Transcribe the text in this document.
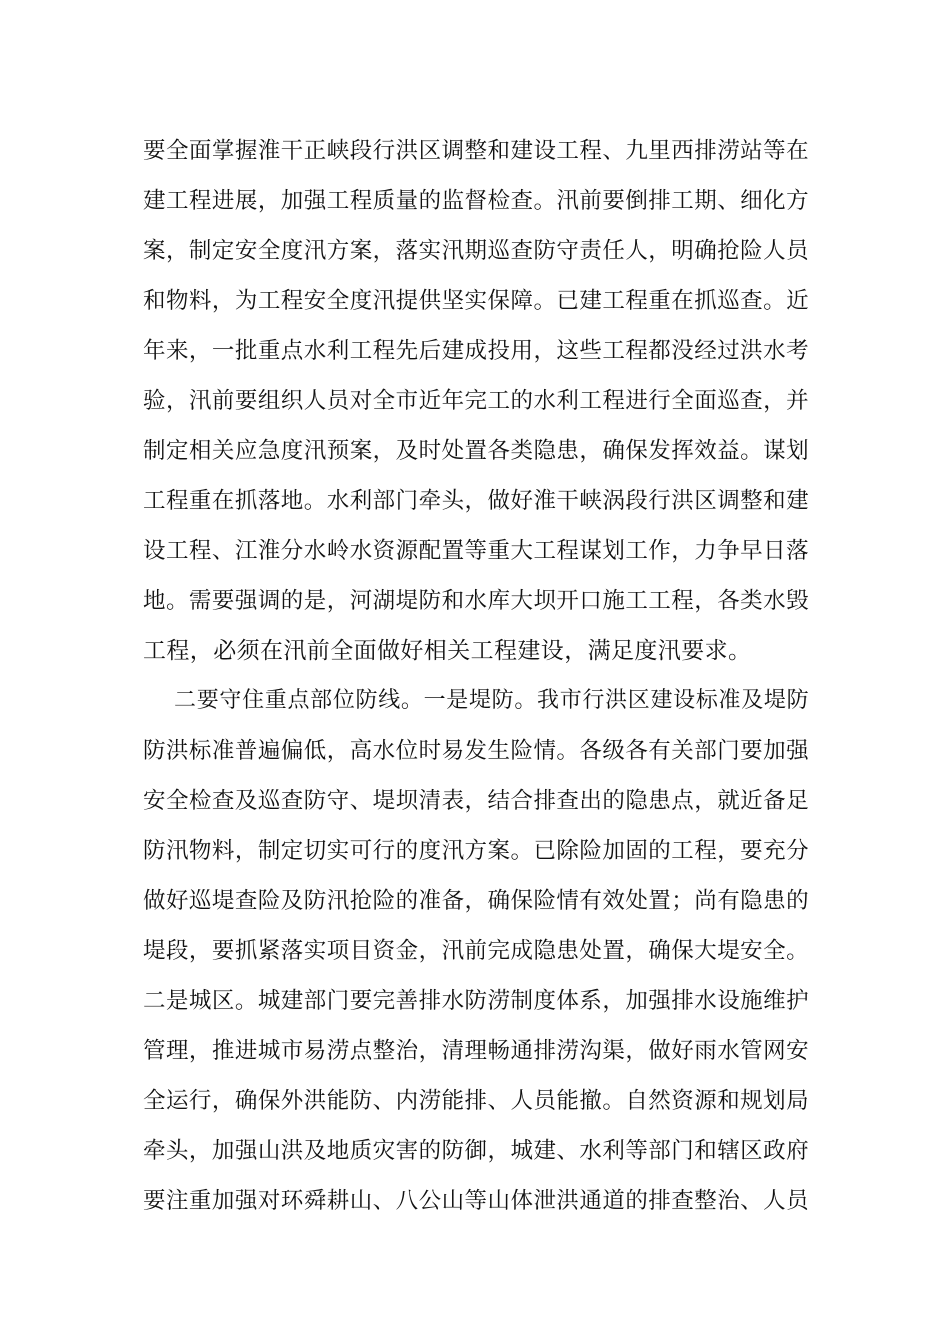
要全面掌握淮干正峡段行洪区调整和建设工程、九里西排涝站等在
建工程进展，加强工程质量的监督检查。汛前要倒排工期、细化方
案，制定安全度汛方案，落实汛期巡查防守责任人，明确抢险人员
和物料，为工程安全度汛提供坚实保障。已建工程重在抓巡查。近
年来，一批重点水利工程先后建成投用，这些工程都没经过洪水考
验，汛前要组织人员对全市近年完工的水利工程进行全面巡查，并
制定相关应急度汛预案，及时处置各类隐患，确保发挥效益。谋划
工程重在抓落地。水利部门牵头，做好淮干峡涡段行洪区调整和建
设工程、江淮分水岭水资源配置等重大工程谋划工作，力争早日落
地。需要强调的是，河湖堤防和水库大坝开口施工工程，各类水毁
工程，必须在汛前全面做好相关工程建设，满足度汛要求。
二要守住重点部位防线。一是堤防。我市行洪区建设标准及堤防
防洪标准普遍偏低，高水位时易发生险情。各级各有关部门要加强
安全检查及巡查防守、堤坝清表，结合排查出的隐患点，就近备足
防汛物料，制定切实可行的度汛方案。已除险加固的工程，要充分
做好巡堤查险及防汛抢险的准备，确保险情有效处置；尚有隐患的
堤段，要抓紧落实项目资金，汛前完成隐患处置，确保大堤安全。
二是城区。城建部门要完善排水防涝制度体系，加强排水设施维护
管理，推进城市易涝点整治，清理畅通排涝沟渠，做好雨水管网安
全运行，确保外洪能防、内涝能排、人员能撤。自然资源和规划局
牵头，加强山洪及地质灾害的防御，城建、水利等部门和辖区政府
要注重加强对环舜耕山、八公山等山体泄洪通道的排查整治、人员
